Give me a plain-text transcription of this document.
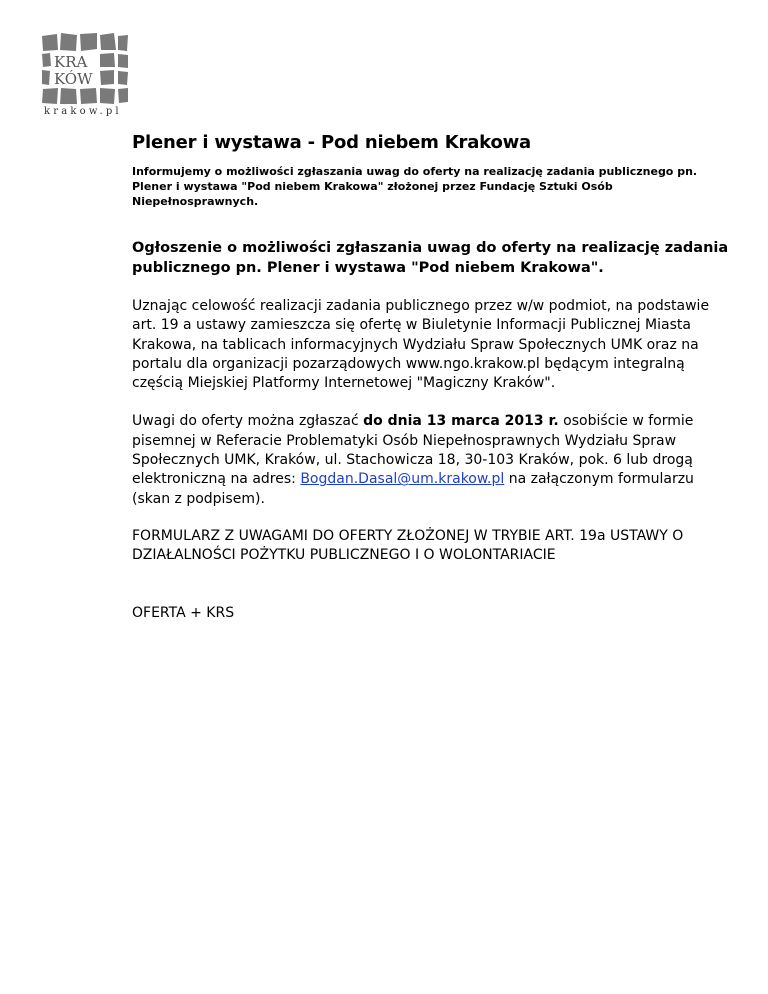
KRA
KÓW
krakow.pl
Plener i wystawa - Pod niebem Krakowa

Informujemy o możliwości zgłaszania uwag do oferty na realizację zadania publicznego pn. Plener i wystawa "Pod niebem Krakowa" złożonej przez Fundację Sztuki Osób Niepełnosprawnych.

Ogłoszenie o możliwości zgłaszania uwag do oferty na realizację zadania publicznego pn. Plener i wystawa "Pod niebem Krakowa".

Uznając celowość realizacji zadania publicznego przez w/w podmiot, na podstawie art. 19 a ustawy zamieszcza się ofertę w Biuletynie Informacji Publicznej Miasta Krakowa, na tablicach informacyjnych Wydziału Spraw Społecznych UMK oraz na portalu dla organizacji pozarządowych www.ngo.krakow.pl będącym integralną częścią Miejskiej Platformy Internetowej "Magiczny Kraków".

Uwagi do oferty można zgłaszać do dnia 13 marca 2013 r. osobiście w formie pisemnej w Referacie Problematyki Osób Niepełnosprawnych Wydziału Spraw Społecznych UMK, Kraków, ul. Stachowicza 18, 30-103 Kraków, pok. 6 lub drogą elektroniczną na adres: Bogdan.Dasal@um.krakow.pl na załączonym formularzu (skan z podpisem).

FORMULARZ Z UWAGAMI DO OFERTY ZŁOŻONEJ W TRYBIE ART. 19a USTAWY O DZIAŁALNOŚCI POŻYTKU PUBLICZNEGO I O WOLONTARIACIE

OFERTA + KRS
